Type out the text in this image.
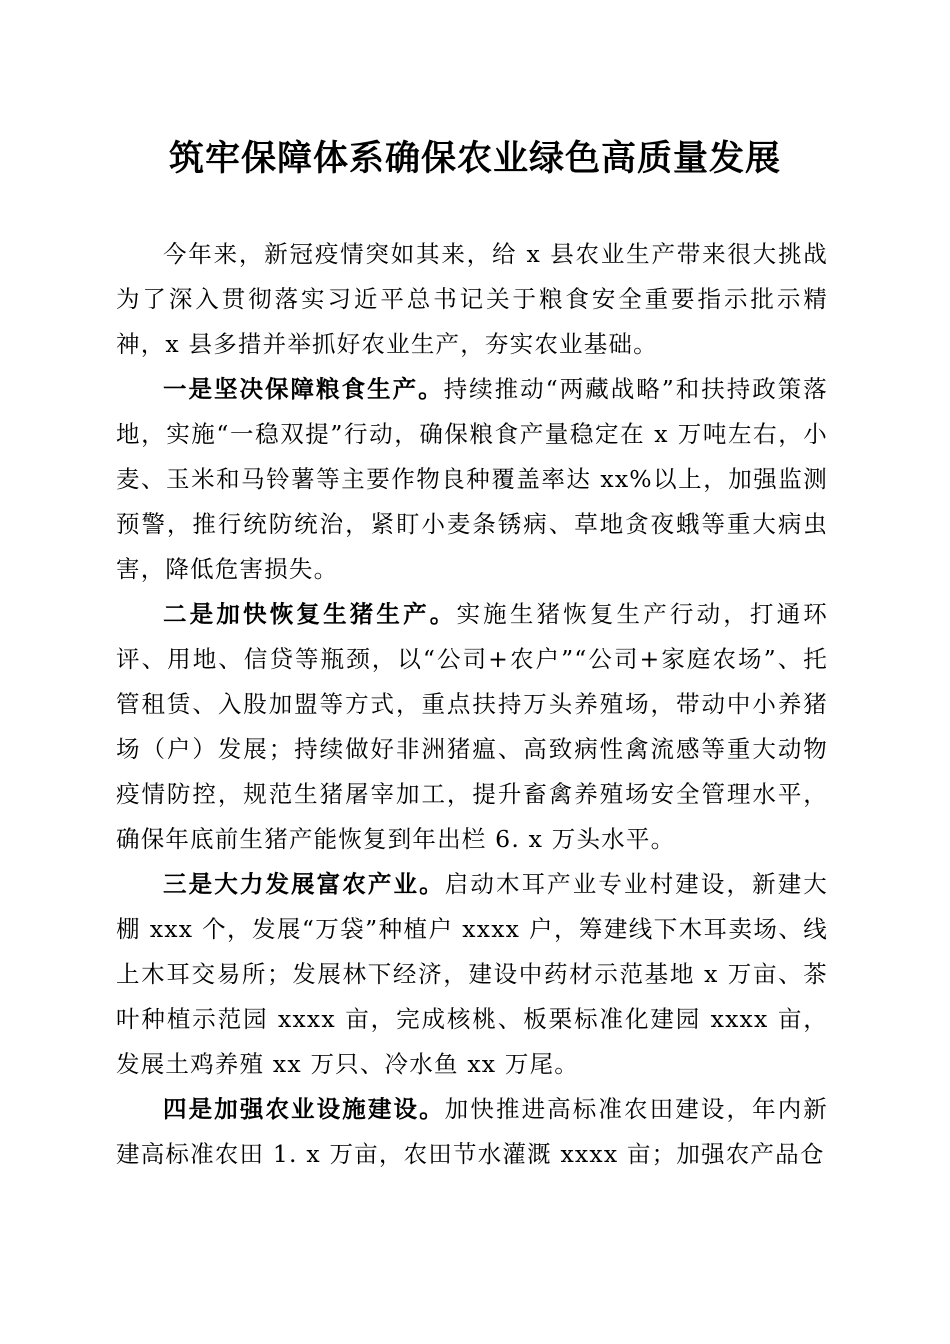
筑牢保障体系确保农业绿色高质量发展

今年来，新冠疫情突如其来，给 x 县农业生产带来很大挑战为了深入贯彻落实习近平总书记关于粮食安全重要指示批示精神，x 县多措并举抓好农业生产，夯实农业基础。

一是坚决保障粮食生产。持续推动“两藏战略”和扶持政策落地，实施“一稳双提”行动，确保粮食产量稳定在 x 万吨左右，小麦、玉米和马铃薯等主要作物良种覆盖率达 xx%以上，加强监测预警，推行统防统治，紧盯小麦条锈病、草地贪夜蛾等重大病虫害，降低危害损失。

二是加快恢复生猪生产。实施生猪恢复生产行动，打通环评、用地、信贷等瓶颈，以“公司+农户”“公司+家庭农场”、托管租赁、入股加盟等方式，重点扶持万头养殖场，带动中小养猪场（户）发展；持续做好非洲猪瘟、高致病性禽流感等重大动物疫情防控，规范生猪屠宰加工，提升畜禽养殖场安全管理水平，确保年底前生猪产能恢复到年出栏 6. x 万头水平。

三是大力发展富农产业。启动木耳产业专业村建设，新建大棚 xxx 个，发展“万袋”种植户 xxxx 户，筹建线下木耳卖场、线上木耳交易所；发展林下经济，建设中药材示范基地 x 万亩、茶叶种植示范园 xxxx 亩，完成核桃、板栗标准化建园 xxxx 亩，发展土鸡养殖 xx 万只、冷水鱼 xx 万尾。

四是加强农业设施建设。加快推进高标准农田建设，年内新建高标准农田 1. x 万亩，农田节水灌溉 xxxx 亩；加强农产品仓
